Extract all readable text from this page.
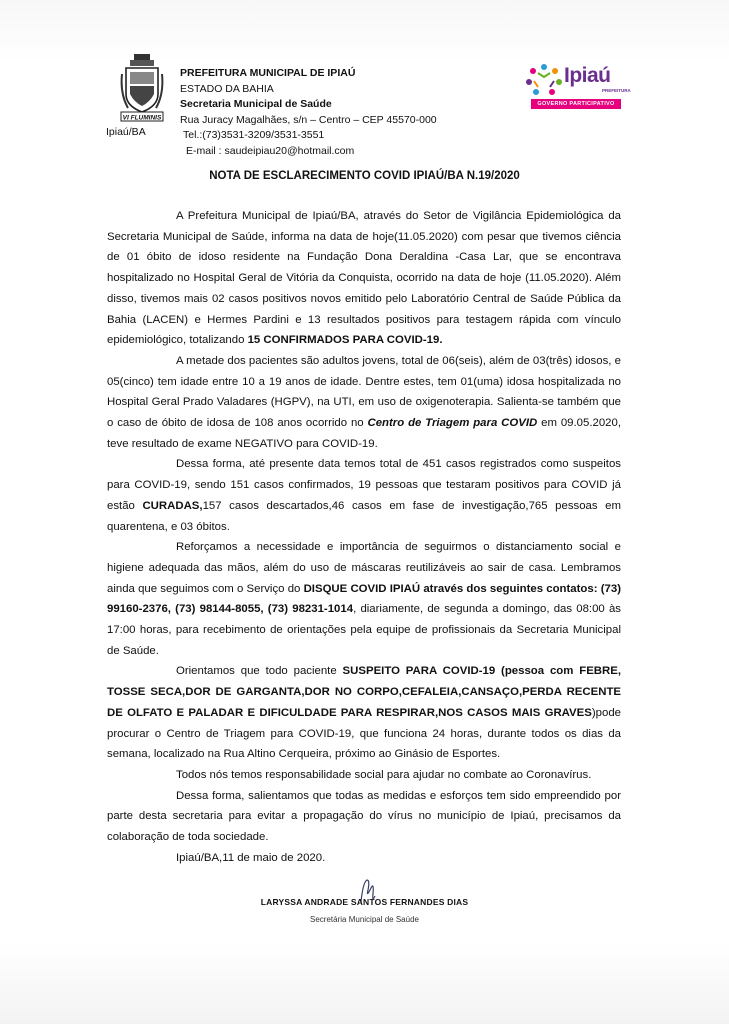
VI FLUMINIS
Ipiaú/BA
PREFEITURA MUNICIPAL DE IPIAÚ
ESTADO DA BAHIA
Secretaria Municipal de Saúde
Rua Juracy Magalhães, s/n – Centro – CEP 45570-000
Tel.:(73)3531-3209/3531-3551
E-mail : saudeipiau20@hotmail.com
Ipiaú
PREFEITURA
GOVERNO PARTICIPATIVO
NOTA DE ESCLARECIMENTO COVID IPIAÚ/BA N.19/2020

A Prefeitura Municipal de Ipiaú/BA, através do Setor de Vigilância Epidemiológica da Secretaria Municipal de Saúde, informa na data de hoje(11.05.2020) com pesar que tivemos ciência de 01 óbito de idoso residente na Fundação Dona Deraldina -Casa Lar, que se encontrava hospitalizado no Hospital Geral de Vitória da Conquista, ocorrido na data de hoje (11.05.2020). Além disso, tivemos mais 02 casos positivos novos emitido pelo Laboratório Central de Saúde Pública da Bahia (LACEN) e Hermes Pardini e 13 resultados positivos para testagem rápida com vínculo epidemiológico, totalizando 15 CONFIRMADOS PARA COVID-19.

A metade dos pacientes são adultos jovens, total de 06(seis), além de 03(três) idosos, e 05(cinco) tem idade entre 10 a 19 anos de idade. Dentre estes, tem 01(uma) idosa hospitalizada no Hospital Geral Prado Valadares (HGPV), na UTI, em uso de oxigenoterapia. Salienta-se também que o caso de óbito de idosa de 108 anos ocorrido no Centro de Triagem para COVID em 09.05.2020, teve resultado de exame NEGATIVO para COVID-19.

Dessa forma, até presente data temos total de 451 casos registrados como suspeitos para COVID-19, sendo 151 casos confirmados, 19 pessoas que testaram positivos para COVID já estão CURADAS,157 casos descartados,46 casos em fase de investigação,765 pessoas em quarentena, e 03 óbitos.

Reforçamos a necessidade e importância de seguirmos o distanciamento social e higiene adequada das mãos, além do uso de máscaras reutilizáveis ao sair de casa. Lembramos ainda que seguimos com o Serviço do DISQUE COVID IPIAÚ através dos seguintes contatos: (73) 99160-2376, (73) 98144-8055, (73) 98231-1014, diariamente, de segunda a domingo, das 08:00 às 17:00 horas, para recebimento de orientações pela equipe de profissionais da Secretaria Municipal de Saúde.

Orientamos que todo paciente SUSPEITO PARA COVID-19 (pessoa com FEBRE, TOSSE SECA,DOR DE GARGANTA,DOR NO CORPO,CEFALEIA,CANSAÇO,PERDA RECENTE DE OLFATO E PALADAR E DIFICULDADE PARA RESPIRAR,NOS CASOS MAIS GRAVES)pode procurar o Centro de Triagem para COVID-19, que funciona 24 horas, durante todos os dias da semana, localizado na Rua Altino Cerqueira, próximo ao Ginásio de Esportes.

Todos nós temos responsabilidade social para ajudar no combate ao Coronavírus.

Dessa forma, salientamos que todas as medidas e esforços tem sido empreendido por parte desta secretaria para evitar a propagação do vírus no município de Ipiaú, precisamos da colaboração de toda sociedade.

Ipiaú/BA,11 de maio de 2020.

LARYSSA ANDRADE SANTOS FERNANDES DIAS
Secretária Municipal de Saúde
